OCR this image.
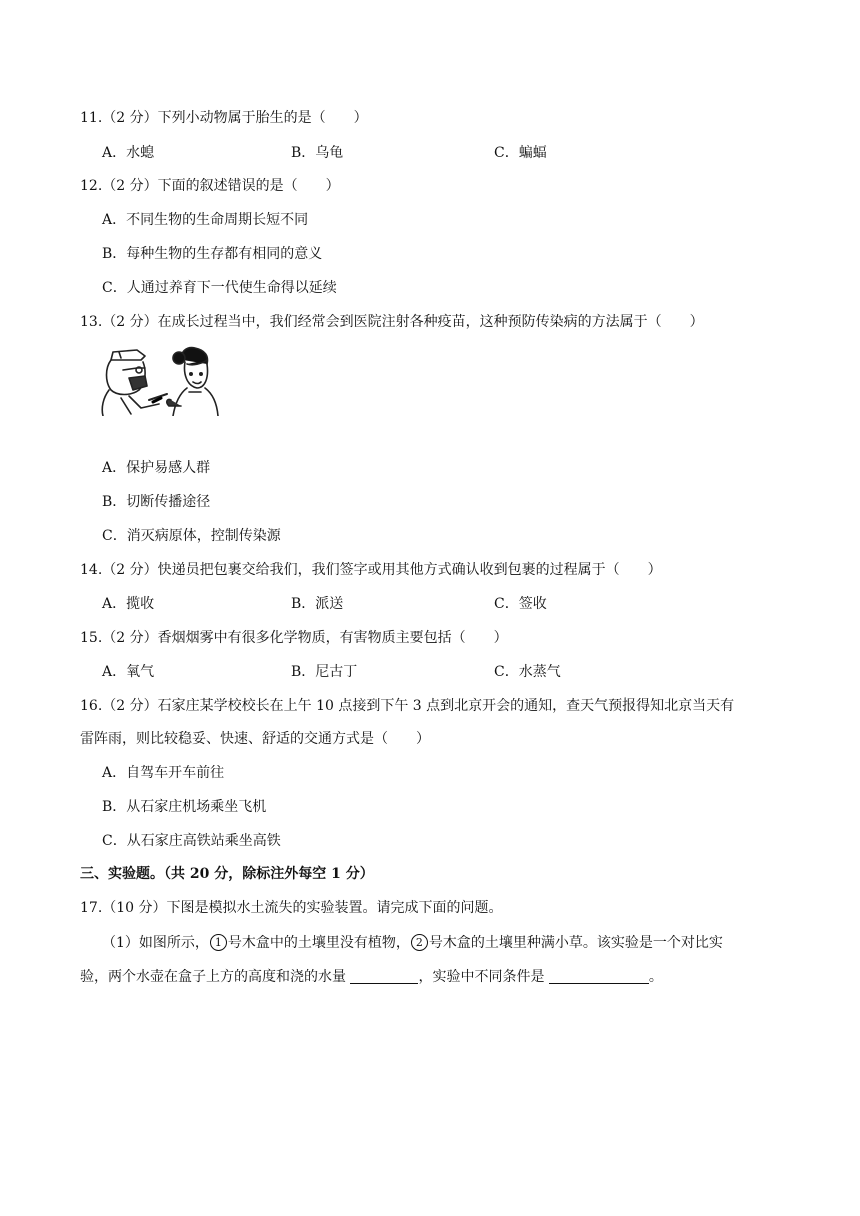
11.（2 分）下列小动物属于胎生的是（　　）
A．水螅	B．乌龟	C．蝙蝠
12.（2 分）下面的叙述错误的是（　　）
A．不同生物的生命周期长短不同
B．每种生物的生存都有相同的意义
C．人通过养育下一代使生命得以延续
13.（2 分）在成长过程当中，我们经常会到医院注射各种疫苗，这种预防传染病的方法属于（　　）
A．保护易感人群
B．切断传播途径
C．消灭病原体，控制传染源
14.（2 分）快递员把包裹交给我们，我们签字或用其他方式确认收到包裹的过程属于（　　）
A．揽收	B．派送	C．签收
15.（2 分）香烟烟雾中有很多化学物质，有害物质主要包括（　　）
A．氧气	B．尼古丁	C．水蒸气
16.（2 分）石家庄某学校校长在上午 10 点接到下午 3 点到北京开会的通知，查天气预报得知北京当天有
雷阵雨，则比较稳妥、快速、舒适的交通方式是（　　）
A．自驾车开车前往
B．从石家庄机场乘坐飞机
C．从石家庄高铁站乘坐高铁
三、实验题。（共 20 分，除标注外每空 1 分）
17.（10 分）下图是模拟水土流失的实验装置。请完成下面的问题。
（1）如图所示， 1 号木盒中的土壤里没有植物， 2 号木盒的土壤里种满小草。该实验是一个对比实
验，两个水壶在盒子上方的高度和浇的水量	，实验中不同条件是	。
